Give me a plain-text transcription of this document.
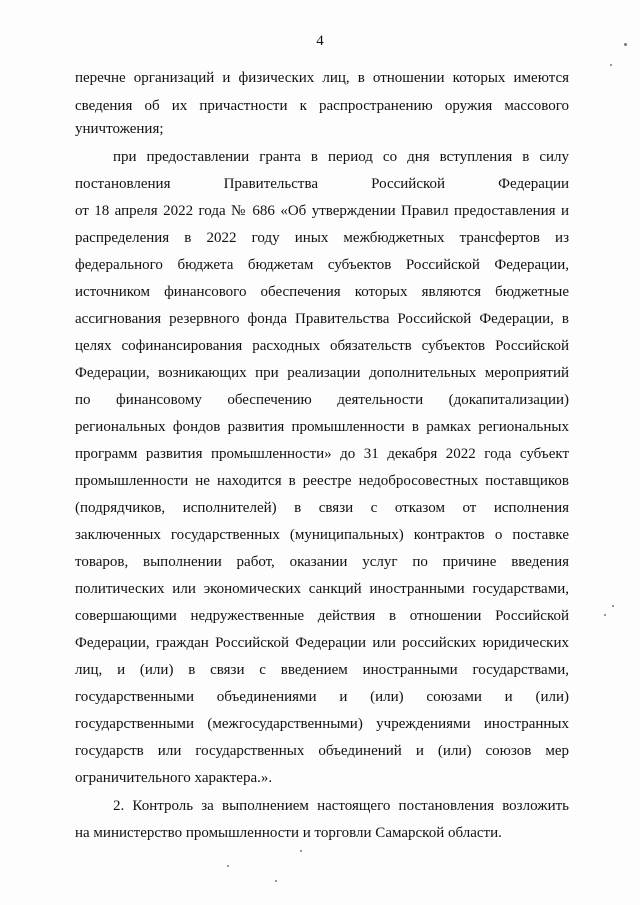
4
перечне организаций и физических лиц, в отношении которых имеются
сведения об их причастности к распространению оружия массового
уничтожения;
при предоставлении гранта в период со дня вступления в силу
постановления Правительства Российской Федерации
от 18 апреля 2022 года № 686 «Об утверждении Правил предоставления и
распределения в 2022 году иных межбюджетных трансфертов из
федерального бюджета бюджетам субъектов Российской Федерации,
источником финансового обеспечения которых являются бюджетные
ассигнования резервного фонда Правительства Российской Федерации, в
целях софинансирования расходных обязательств субъектов Российской
Федерации, возникающих при реализации дополнительных мероприятий
по финансовому обеспечению деятельности (докапитализации)
региональных фондов развития промышленности в рамках региональных
программ развития промышленности» до 31 декабря 2022 года субъект
промышленности не находится в реестре недобросовестных поставщиков
(подрядчиков, исполнителей) в связи с отказом от исполнения
заключенных государственных (муниципальных) контрактов о поставке
товаров, выполнении работ, оказании услуг по причине введения
политических или экономических санкций иностранными государствами,
совершающими недружественные действия в отношении Российской
Федерации, граждан Российской Федерации или российских юридических
лиц, и (или) в связи с введением иностранными государствами,
государственными объединениями и (или) союзами и (или)
государственными (межгосударственными) учреждениями иностранных
государств или государственных объединений и (или) союзов мер
ограничительного характера.».
2. Контроль за выполнением настоящего постановления возложить
на министерство промышленности и торговли Самарской области.
